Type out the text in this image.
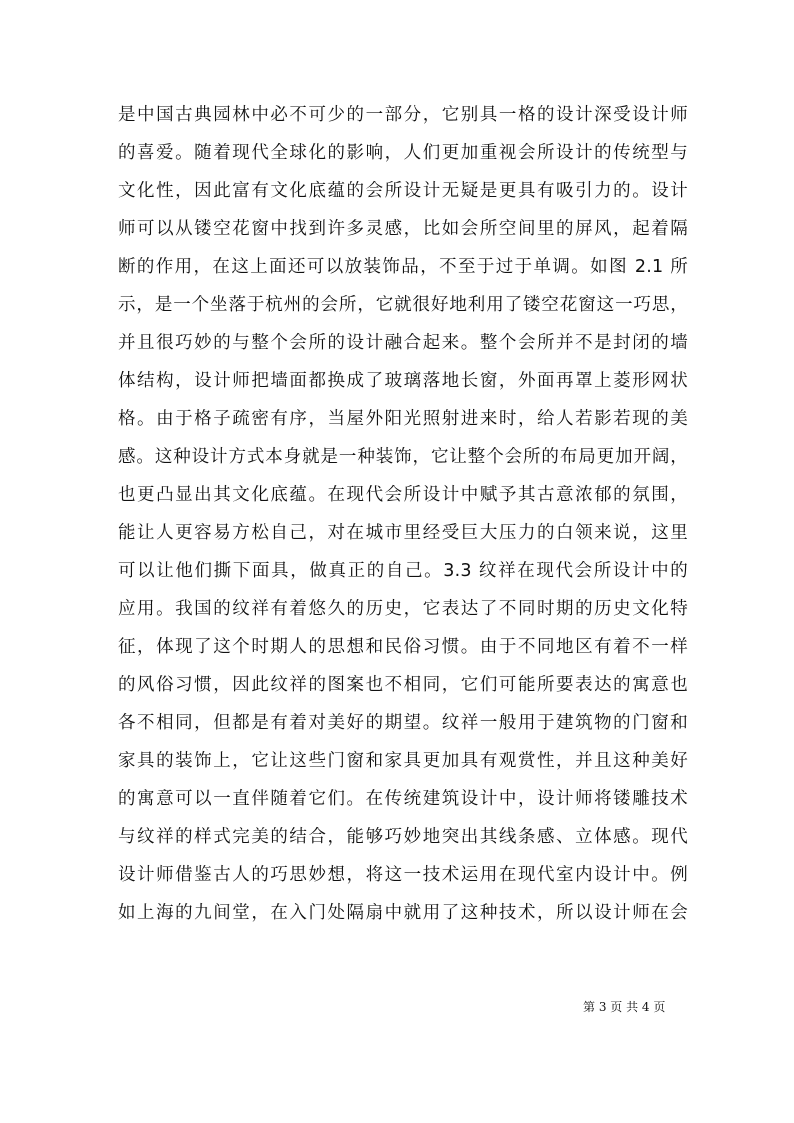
是中国古典园林中必不可少的一部分，它别具一格的设计深受设计师
的喜爱。随着现代全球化的影响，人们更加重视会所设计的传统型与
文化性，因此富有文化底蕴的会所设计无疑是更具有吸引力的。设计
师可以从镂空花窗中找到许多灵感，比如会所空间里的屏风，起着隔
断的作用，在这上面还可以放装饰品，不至于过于单调。如图 2.1 所
示，是一个坐落于杭州的会所，它就很好地利用了镂空花窗这一巧思，
并且很巧妙的与整个会所的设计融合起来。整个会所并不是封闭的墙
体结构，设计师把墙面都换成了玻璃落地长窗，外面再罩上菱形网状
格。由于格子疏密有序，当屋外阳光照射进来时，给人若影若现的美
感。这种设计方式本身就是一种装饰，它让整个会所的布局更加开阔，
也更凸显出其文化底蕴。在现代会所设计中赋予其古意浓郁的氛围，
能让人更容易方松自己，对在城市里经受巨大压力的白领来说，这里
可以让他们撕下面具，做真正的自己。3.3 纹祥在现代会所设计中的
应用。我国的纹祥有着悠久的历史，它表达了不同时期的历史文化特
征，体现了这个时期人的思想和民俗习惯。由于不同地区有着不一样
的风俗习惯，因此纹祥的图案也不相同，它们可能所要表达的寓意也
各不相同，但都是有着对美好的期望。纹祥一般用于建筑物的门窗和
家具的装饰上，它让这些门窗和家具更加具有观赏性，并且这种美好
的寓意可以一直伴随着它们。在传统建筑设计中，设计师将镂雕技术
与纹祥的样式完美的结合，能够巧妙地突出其线条感、立体感。现代
设计师借鉴古人的巧思妙想，将这一技术运用在现代室内设计中。例
如上海的九间堂，在入门处隔扇中就用了这种技术，所以设计师在会
第 3 页 共 4 页
